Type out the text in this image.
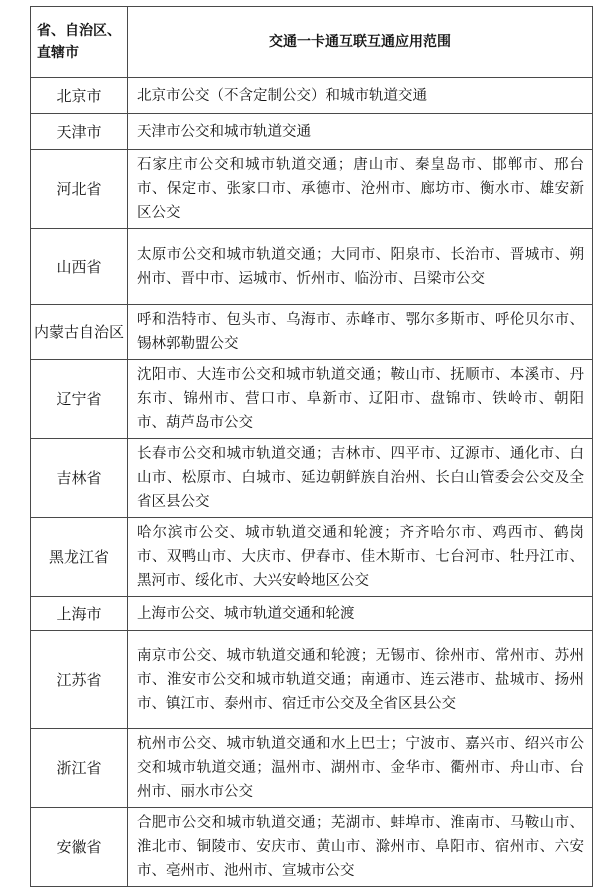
省、自治区、直辖市	交通一卡通互联互通应用范围
北京市	北京市公交（不含定制公交）和城市轨道交通
天津市	天津市公交和城市轨道交通
河北省	石家庄市公交和城市轨道交通；唐山市、秦皇岛市、邯郸市、邢台市、保定市、张家口市、承德市、沧州市、廊坊市、衡水市、雄安新区公交
山西省	太原市公交和城市轨道交通；大同市、阳泉市、长治市、晋城市、朔州市、晋中市、运城市、忻州市、临汾市、吕梁市公交
内蒙古自治区	呼和浩特市、包头市、乌海市、赤峰市、鄂尔多斯市、呼伦贝尔市、锡林郭勒盟公交
辽宁省	沈阳市、大连市公交和城市轨道交通；鞍山市、抚顺市、本溪市、丹东市、锦州市、营口市、阜新市、辽阳市、盘锦市、铁岭市、朝阳市、葫芦岛市公交
吉林省	长春市公交和城市轨道交通；吉林市、四平市、辽源市、通化市、白山市、松原市、白城市、延边朝鲜族自治州、长白山管委会公交及全省区县公交
黑龙江省	哈尔滨市公交、城市轨道交通和轮渡；齐齐哈尔市、鸡西市、鹤岗市、双鸭山市、大庆市、伊春市、佳木斯市、七台河市、牡丹江市、黑河市、绥化市、大兴安岭地区公交
上海市	上海市公交、城市轨道交通和轮渡
江苏省	南京市公交、城市轨道交通和轮渡；无锡市、徐州市、常州市、苏州市、淮安市公交和城市轨道交通；南通市、连云港市、盐城市、扬州市、镇江市、泰州市、宿迁市公交及全省区县公交
浙江省	杭州市公交、城市轨道交通和水上巴士；宁波市、嘉兴市、绍兴市公交和城市轨道交通；温州市、湖州市、金华市、衢州市、舟山市、台州市、丽水市公交
安徽省	合肥市公交和城市轨道交通；芜湖市、蚌埠市、淮南市、马鞍山市、淮北市、铜陵市、安庆市、黄山市、滁州市、阜阳市、宿州市、六安市、亳州市、池州市、宣城市公交
